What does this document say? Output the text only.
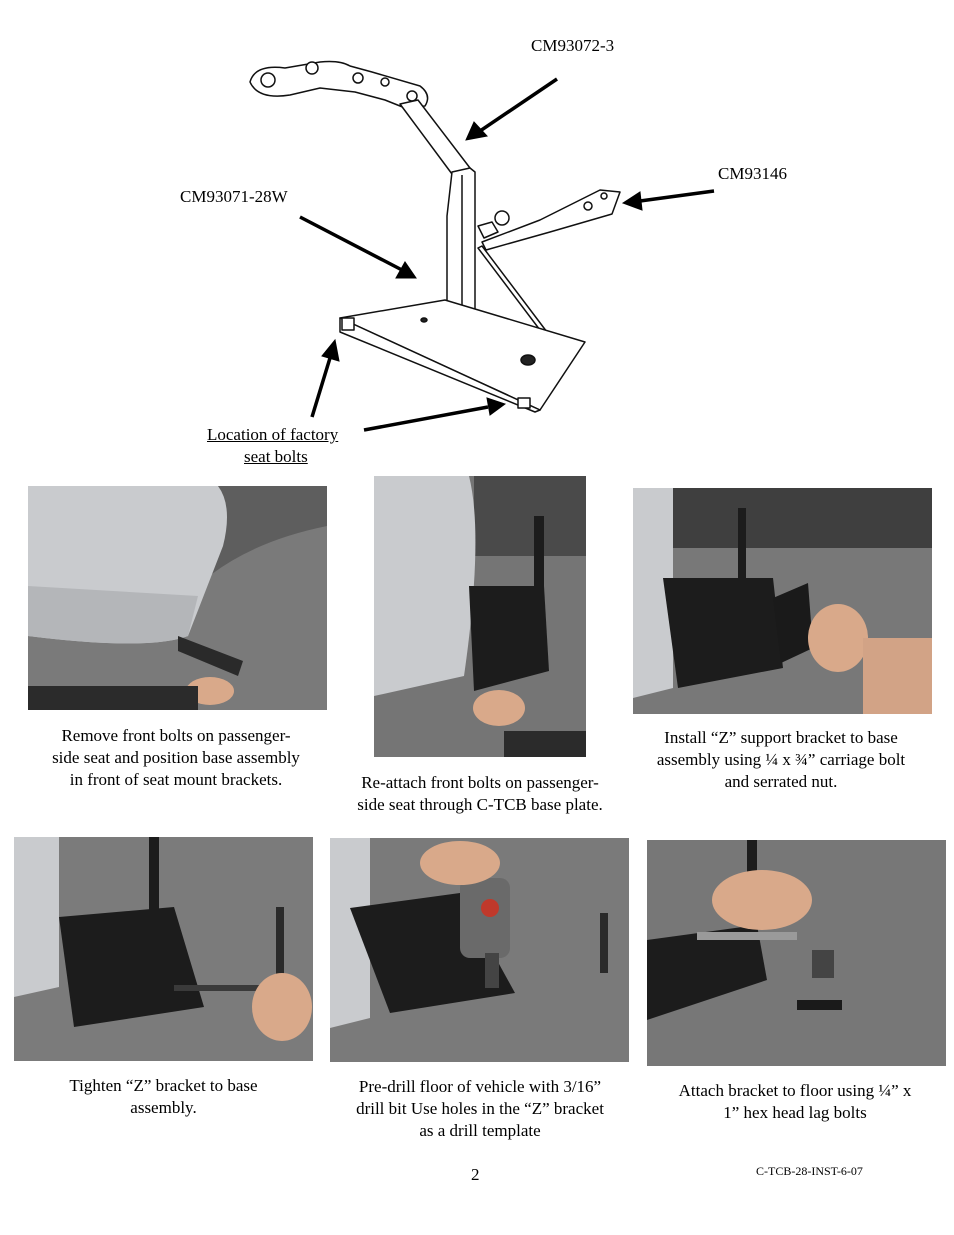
CM93072-3
CM93146
CM93071-28W
Location of factory
seat bolts
Remove front bolts on passenger-
side seat and position base assembly
in front of seat mount brackets.	Re-attach front bolts on passenger-
side seat through C-TCB base plate.
Install “Z” support bracket to base
assembly using ¼ x ¾” carriage bolt
and serrated nut.
Tighten “Z” bracket to base
assembly.
Pre-drill floor of vehicle with 3/16”
drill bit Use holes in the “Z” bracket
as a drill template
Attach bracket to floor using ¼” x
1” hex head lag bolts
2	C-TCB-28-INST-6-07
